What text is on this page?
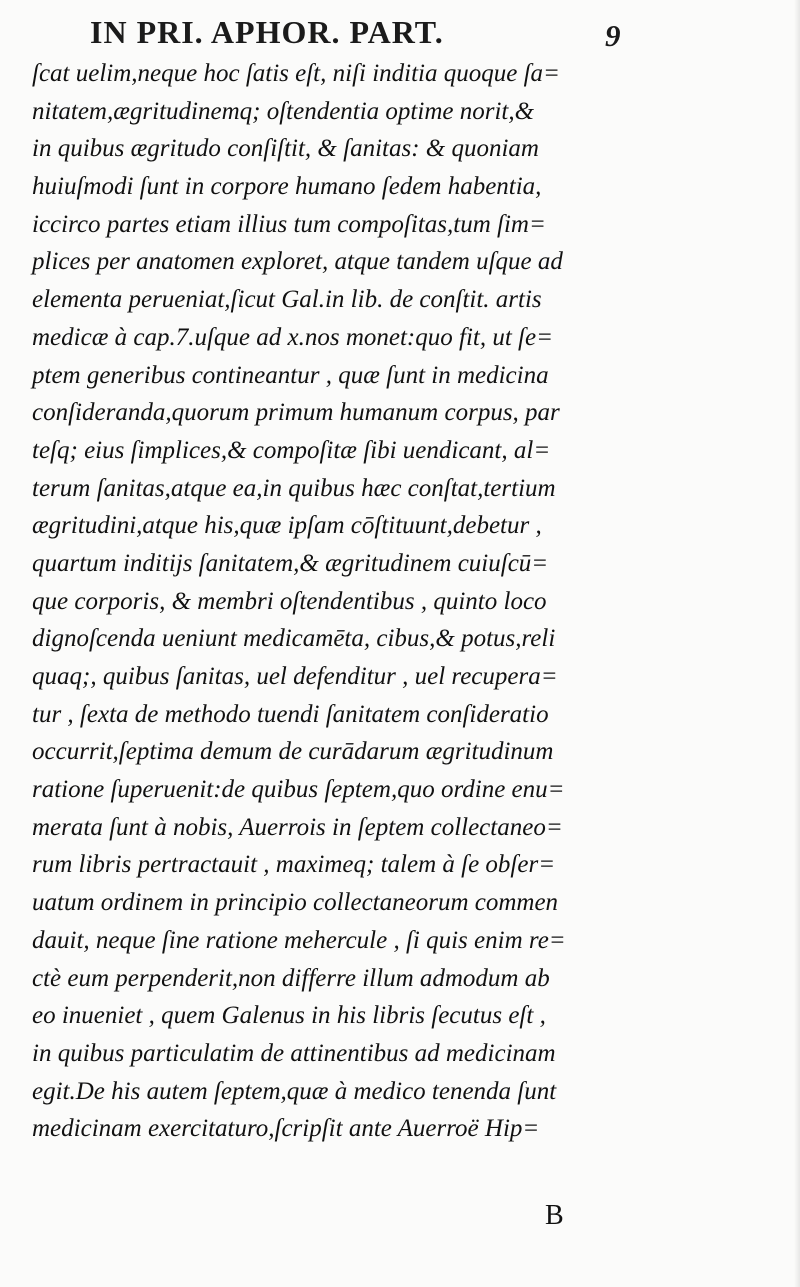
IN PRI. APHOR. PART.	9
ſcat uelim,neque hoc ſatis eſt, niſi inditia quoque ſa=
nitatem,ægritudinemq; oſtendentia optime norit,&
in quibus ægritudo conſiſtit, & ſanitas: & quoniam
huiuſmodi ſunt in corpore humano ſedem habentia,
iccirco partes etiam illius tum compoſitas,tum ſim=
plices per anatomen exploret, atque tandem uſque ad
elementa perueniat,ſicut Gal.in lib. de conſtit. artis
medicæ à cap.7.uſque ad x.nos monet:quo fit, ut ſe=
ptem generibus contineantur , quæ ſunt in medicina
conſideranda,quorum primum humanum corpus, par
teſq; eius ſimplices,& compoſitæ ſibi uendicant, al=
terum ſanitas,atque ea,in quibus hæc conſtat,tertium
ægritudini,atque his,quæ ipſam cōſtituunt,debetur ,
quartum inditijs ſanitatem,& ægritudinem cuiuſcū=
que corporis, & membri oſtendentibus , quinto loco
dignoſcenda ueniunt medicamēta, cibus,& potus,reli
quaq;, quibus ſanitas, uel defenditur , uel recupera=
tur , ſexta de methodo tuendi ſanitatem conſideratio
occurrit,ſeptima demum de curādarum ægritudinum
ratione ſuperuenit:de quibus ſeptem,quo ordine enu=
merata ſunt à nobis, Auerrois in ſeptem collectaneo=
rum libris pertractauit , maximeq; talem à ſe obſer=
uatum ordinem in principio collectaneorum commen
dauit, neque ſine ratione mehercule , ſi quis enim re=
ctè eum perpenderit,non differre illum admodum ab
eo inueniet , quem Galenus in his libris ſecutus eſt ,
in quibus particulatim de attinentibus ad medicinam
egit.De his autem ſeptem,quæ à medico tenenda ſunt
medicinam exercitaturo,ſcripſit ante Auerroë Hip=
B
